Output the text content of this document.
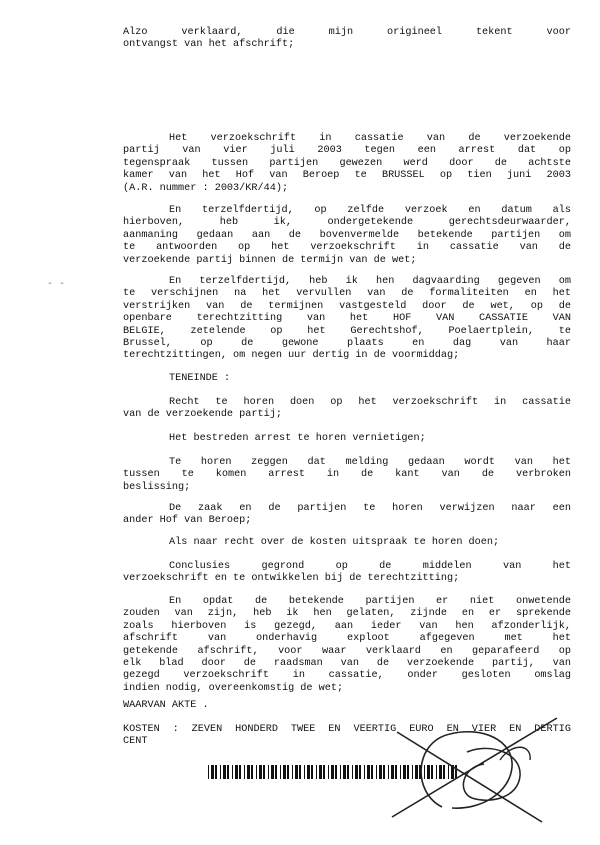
Alzo verklaard, die mijn origineel tekent voor
ontvangst van het afschrift;
Het verzoekschrift in cassatie van de verzoekende
partij van vier juli 2003 tegen een arrest dat op
tegenspraak tussen partijen gewezen werd door de achtste
kamer van het Hof van Beroep te BRUSSEL op tien juni 2003
(A.R. nummer : 2003/KR/44);
En terzelfdertijd, op zelfde verzoek en datum als
hierboven, heb ik, ondergetekende gerechtsdeurwaarder,
aanmaning gedaan aan de bovenvermelde betekende partijen om
te antwoorden op het verzoekschrift in cassatie van de
verzoekende partij binnen de termijn van de wet;
En terzelfdertijd, heb ik hen dagvaarding gegeven om
te verschijnen na het vervullen van de formaliteiten en het
verstrijken van de termijnen vastgesteld door de wet, op de
openbare terechtzitting van het HOF VAN CASSATIE VAN
BELGIE, zetelende op het Gerechtshof, Poelaertplein, te
Brussel, op de gewone plaats en dag van haar
terechtzittingen, om negen uur dertig in de voormiddag;
TENEINDE :
Recht te horen doen op het verzoekschrift in cassatie
van de verzoekende partij;
Het bestreden arrest te horen vernietigen;
Te horen zeggen dat melding gedaan wordt van het
tussen te komen arrest in de kant van de verbroken
beslissing;
De zaak en de partijen te horen verwijzen naar een
ander Hof van Beroep;
Als naar recht over de kosten uitspraak te horen doen;
Conclusies gegrond op de middelen van het
verzoekschrift en te ontwikkelen bij de terechtzitting;
En opdat de betekende partijen er niet onwetende
zouden van zijn, heb ik hen gelaten, zijnde en er sprekende
zoals hierboven is gezegd, aan ieder van hen afzonderlijk,
afschrift van onderhavig exploot afgegeven met het
getekende afschrift, voor waar verklaard en geparafeerd op
elk blad door de raadsman van de verzoekende partij, van
gezegd verzoekschrift in cassatie, onder gesloten omslag
indien nodig, overeenkomstig de wet;
WAARVAN AKTE .
KOSTEN : ZEVEN HONDERD TWEE EN VEERTIG EURO EN VIER EN DERTIG
CENT
- -
